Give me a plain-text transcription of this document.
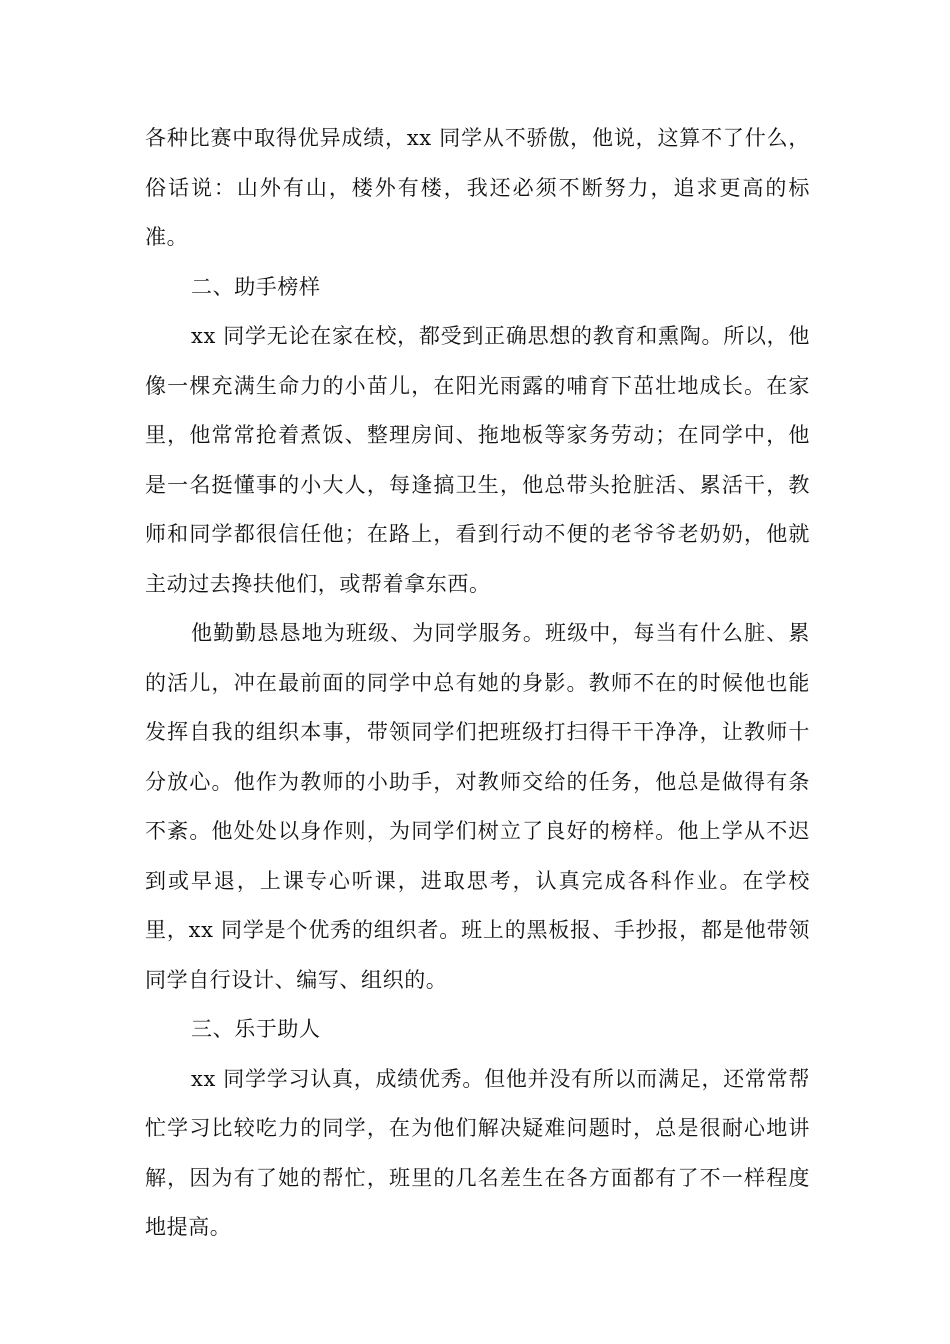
各种比赛中取得优异成绩，xx 同学从不骄傲，他说，这算不了什么，俗话说：山外有山，楼外有楼，我还必须不断努力，追求更高的标准。

二、助手榜样

xx 同学无论在家在校，都受到正确思想的教育和熏陶。所以，他像一棵充满生命力的小苗儿，在阳光雨露的哺育下茁壮地成长。在家里，他常常抢着煮饭、整理房间、拖地板等家务劳动；在同学中，他是一名挺懂事的小大人，每逢搞卫生，他总带头抢脏活、累活干，教师和同学都很信任他；在路上，看到行动不便的老爷爷老奶奶，他就主动过去搀扶他们，或帮着拿东西。

他勤勤恳恳地为班级、为同学服务。班级中，每当有什么脏、累的活儿，冲在最前面的同学中总有她的身影。教师不在的时候他也能发挥自我的组织本事，带领同学们把班级打扫得干干净净，让教师十分放心。他作为教师的小助手，对教师交给的任务，他总是做得有条不紊。他处处以身作则，为同学们树立了良好的榜样。他上学从不迟到或早退，上课专心听课，进取思考，认真完成各科作业。在学校里，xx 同学是个优秀的组织者。班上的黑板报、手抄报，都是他带领同学自行设计、编写、组织的。

三、乐于助人

xx 同学学习认真，成绩优秀。但他并没有所以而满足，还常常帮忙学习比较吃力的同学，在为他们解决疑难问题时，总是很耐心地讲解，因为有了她的帮忙，班里的几名差生在各方面都有了不一样程度地提高。
